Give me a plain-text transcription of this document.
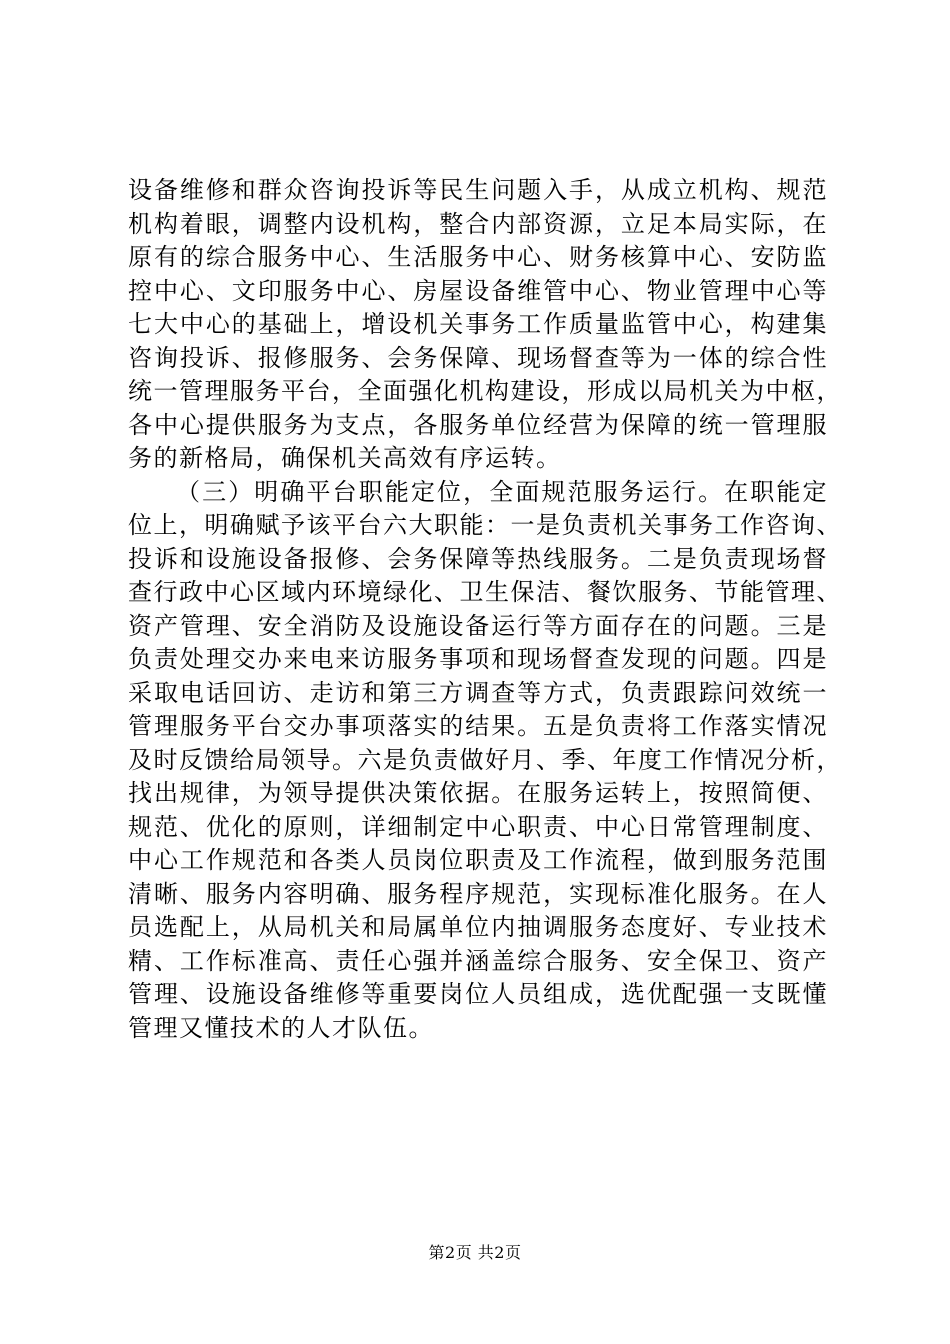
设备维修和群众咨询投诉等民生问题入手，从成立机构、规范
机构着眼，调整内设机构，整合内部资源，立足本局实际，在
原有的综合服务中心、生活服务中心、财务核算中心、安防监
控中心、文印服务中心、房屋设备维管中心、物业管理中心等
七大中心的基础上，增设机关事务工作质量监管中心，构建集
咨询投诉、报修服务、会务保障、现场督查等为一体的综合性
统一管理服务平台，全面强化机构建设，形成以局机关为中枢，
各中心提供服务为支点，各服务单位经营为保障的统一管理服
务的新格局，确保机关高效有序运转。
（三）明确平台职能定位，全面规范服务运行。在职能定
位上，明确赋予该平台六大职能：一是负责机关事务工作咨询、
投诉和设施设备报修、会务保障等热线服务。二是负责现场督
查行政中心区域内环境绿化、卫生保洁、餐饮服务、节能管理、
资产管理、安全消防及设施设备运行等方面存在的问题。三是
负责处理交办来电来访服务事项和现场督查发现的问题。四是
采取电话回访、走访和第三方调查等方式，负责跟踪问效统一
管理服务平台交办事项落实的结果。五是负责将工作落实情况
及时反馈给局领导。六是负责做好月、季、年度工作情况分析，
找出规律，为领导提供决策依据。在服务运转上，按照简便、
规范、优化的原则，详细制定中心职责、中心日常管理制度、
中心工作规范和各类人员岗位职责及工作流程，做到服务范围
清晰、服务内容明确、服务程序规范，实现标准化服务。在人
员选配上，从局机关和局属单位内抽调服务态度好、专业技术
精、工作标准高、责任心强并涵盖综合服务、安全保卫、资产
管理、设施设备维修等重要岗位人员组成，选优配强一支既懂
管理又懂技术的人才队伍。
第2页 共2页
